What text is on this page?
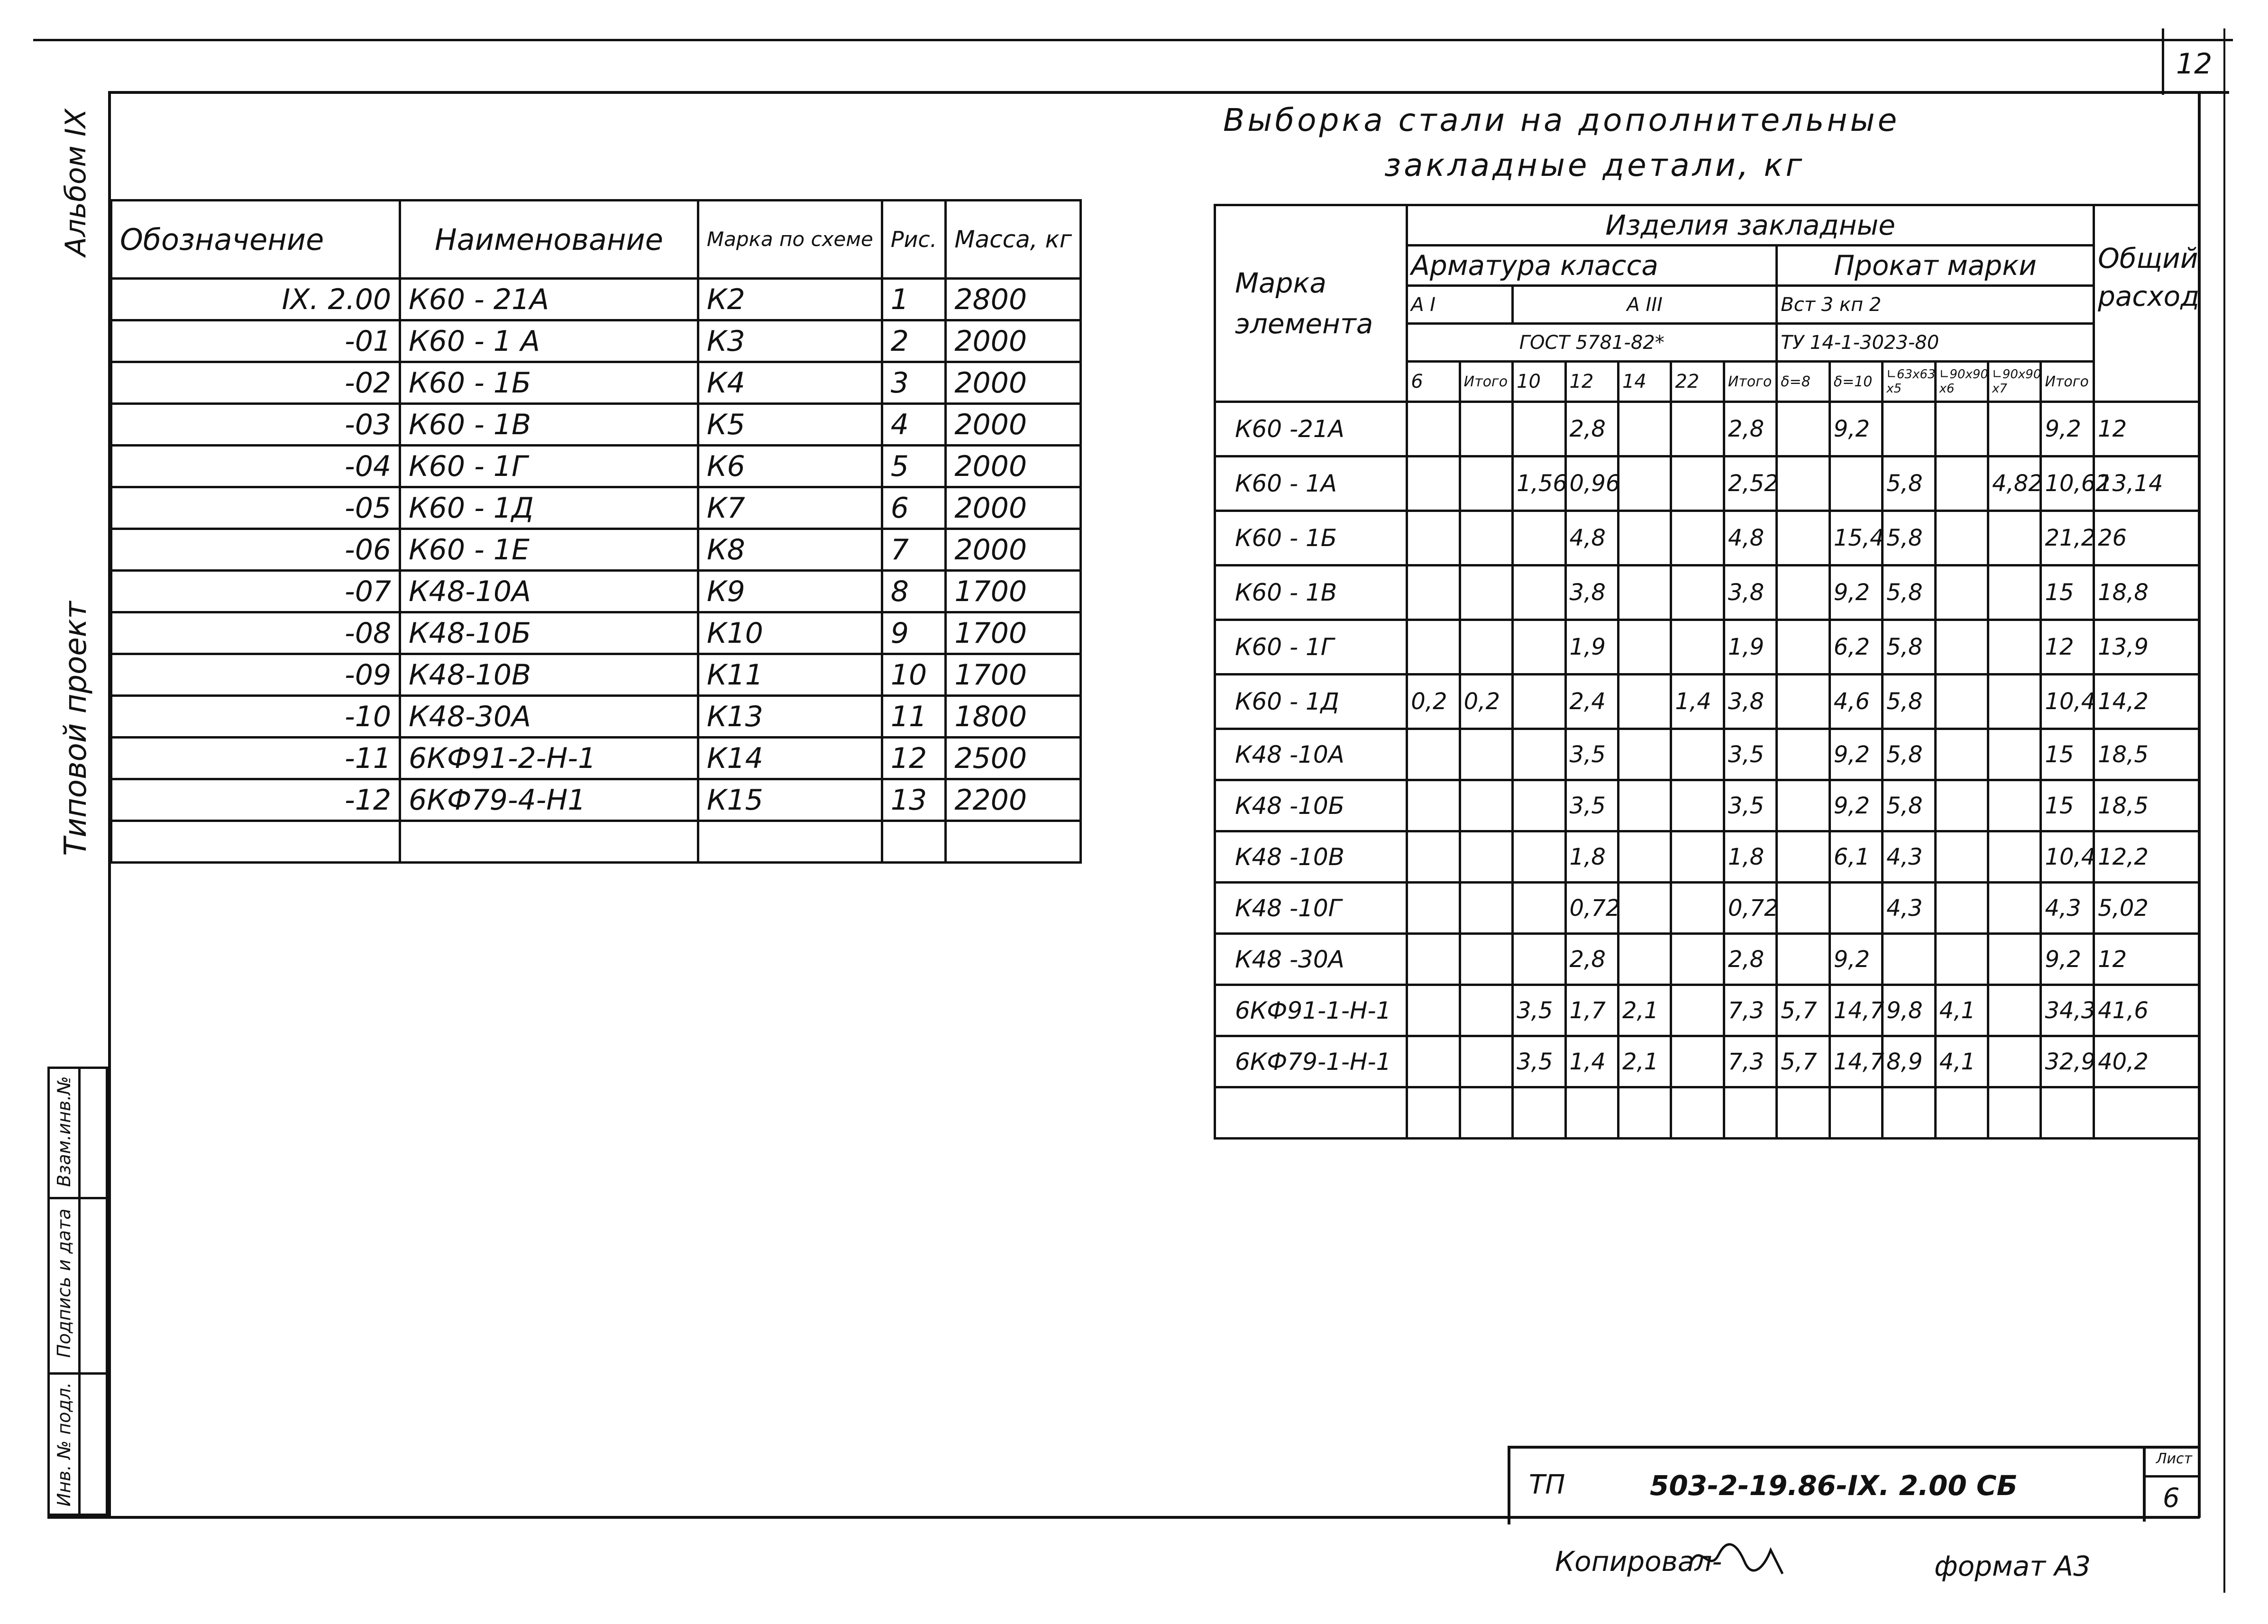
12
Альбом IX
Типовой проект
Взам.инв.№
Подпись и дата
Инв. № подл.
Обозначение	Наименование	Марка по схеме	Рис.	Масса, кг
IX. 2.00	К60 - 21А	К2	1	2800
-01	К60 - 1 А	К3	2	2000
-02	К60 - 1Б	К4	3	2000
-03	К60 - 1В	К5	4	2000
-04	К60 - 1Г	К6	5	2000
-05	К60 - 1Д	К7	6	2000
-06	К60 - 1Е	К8	7	2000
-07	К48-10А	К9	8	1700
-08	К48-10Б	К10	9	1700
-09	К48-10В	К11	10	1700
-10	К48-30А	К13	11	1800
-11	6КФ91-2-Н-1	К14	12	2500
-12	6КФ79-4-Н1	К15	13	2200

Выборка стали на дополнительные
закладные детали, кг
Марка элемента	Изделия закладные													Общий расход
	Арматура класса							Прокат марки						
	А I		А III					Вст 3 кп 2						
	ГОСТ 5781-82*							ТУ 14-1-3023-80						
	6	Итого	10	12	14	22	Итого	δ=8	δ=10	∟63х63 х5	∟90х90 х6	∟90х90 х7	Итого	
К60 -21А				2,8			2,8		9,2				9,2	12
К60 - 1А			1,56	0,96			2,52			5,8		4,82	10,62	13,14
К60 - 1Б				4,8			4,8		15,4	5,8			21,2	26
К60 - 1В				3,8			3,8		9,2	5,8			15	18,8
К60 - 1Г				1,9			1,9		6,2	5,8			12	13,9
К60 - 1Д	0,2	0,2		2,4		1,4	3,8		4,6	5,8			10,4	14,2
К48 -10А				3,5			3,5		9,2	5,8			15	18,5
К48 -10Б				3,5			3,5		9,2	5,8			15	18,5
К48 -10В				1,8			1,8		6,1	4,3			10,4	12,2
К48 -10Г				0,72			0,72			4,3			4,3	5,02
К48 -30А				2,8			2,8		9,2				9,2	12
6КФ91-1-Н-1			3,5	1,7	2,1		7,3	5,7	14,7	9,8	4,1		34,3	41,6
6КФ79-1-Н-1			3,5	1,4	2,1		7,3	5,7	14,7	8,9	4,1		32,9	40,2

ТП	503-2-19.86-IX. 2.00 СБ
Лист
6
Копировал-	формат А3
